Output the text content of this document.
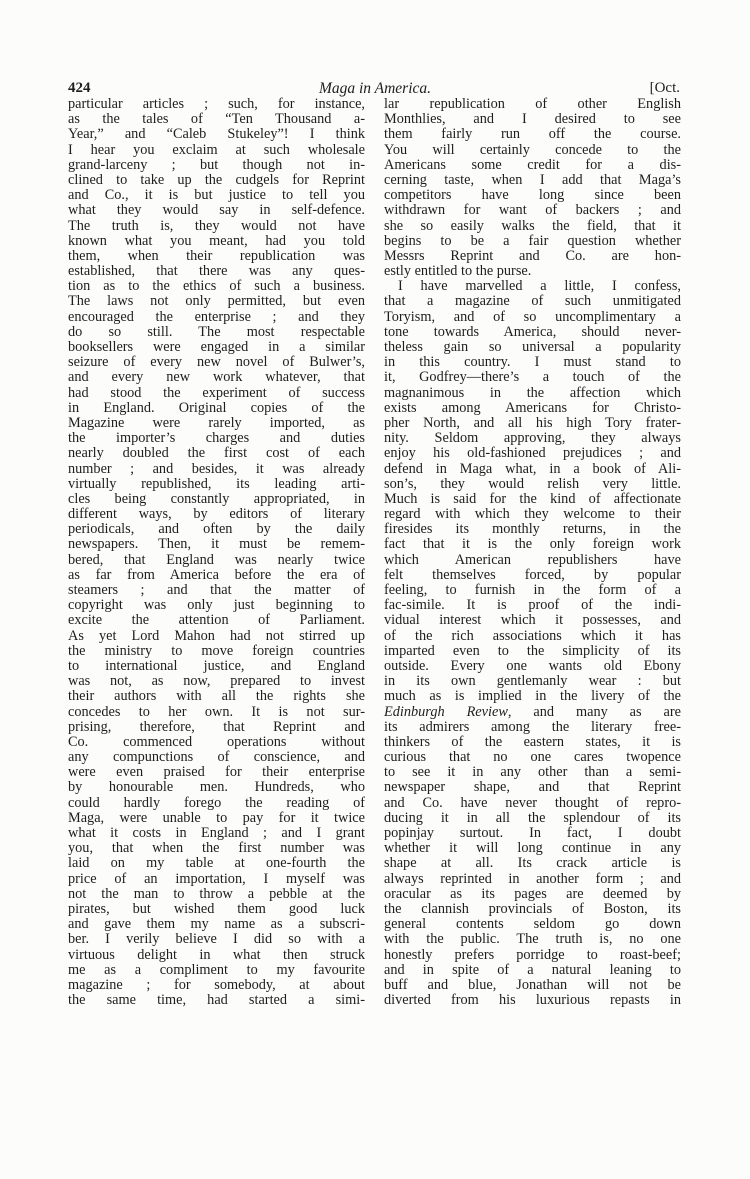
Maga in America.
424	[Oct.
particular articles ; such, for instance,
as the tales of “Ten Thousand a-
Year,” and “Caleb Stukeley”! I think
I hear you exclaim at such wholesale
grand-larceny ; but though not in-
clined to take up the cudgels for Reprint
and Co., it is but justice to tell you
what they would say in self-defence.
The truth is, they would not have
known what you meant, had you told
them, when their republication was
established, that there was any ques-
tion as to the ethics of such a business.
The laws not only permitted, but even
encouraged the enterprise ; and they
do so still. The most respectable
booksellers were engaged in a similar
seizure of every new novel of Bulwer’s,
and every new work whatever, that
had stood the experiment of success
in England. Original copies of the
Magazine were rarely imported, as
the importer’s charges and duties
nearly doubled the first cost of each
number ; and besides, it was already
virtually republished, its leading arti-
cles being constantly appropriated, in
different ways, by editors of literary
periodicals, and often by the daily
newspapers. Then, it must be remem-
bered, that England was nearly twice
as far from America before the era of
steamers ; and that the matter of
copyright was only just beginning to
excite the attention of Parliament.
As yet Lord Mahon had not stirred up
the ministry to move foreign countries
to international justice, and England
was not, as now, prepared to invest
their authors with all the rights she
concedes to her own. It is not sur-
prising, therefore, that Reprint and
Co. commenced operations without
any compunctions of conscience, and
were even praised for their enterprise
by honourable men. Hundreds, who
could hardly forego the reading of
Maga, were unable to pay for it twice
what it costs in England ; and I grant
you, that when the first number was
laid on my table at one-fourth the
price of an importation, I myself was
not the man to throw a pebble at the
pirates, but wished them good luck
and gave them my name as a subscri-
ber. I verily believe I did so with a
virtuous delight in what then struck
me as a compliment to my favourite
magazine ; for somebody, at about
the same time, had started a simi-
lar republication of other English
Monthlies, and I desired to see
them fairly run off the course.
You will certainly concede to the
Americans some credit for a dis-
cerning taste, when I add that Maga’s
competitors have long since been
withdrawn for want of backers ; and
she so easily walks the field, that it
begins to be a fair question whether
Messrs Reprint and Co. are hon-
estly entitled to the purse.
I have marvelled a little, I confess,
that a magazine of such unmitigated
Toryism, and of so uncomplimentary a
tone towards America, should never-
theless gain so universal a popularity
in this country. I must stand to
it, Godfrey—there’s a touch of the
magnanimous in the affection which
exists among Americans for Christo-
pher North, and all his high Tory frater-
nity. Seldom approving, they always
enjoy his old-fashioned prejudices ; and
defend in Maga what, in a book of Ali-
son’s, they would relish very little.
Much is said for the kind of affectionate
regard with which they welcome to their
firesides its monthly returns, in the
fact that it is the only foreign work
which American republishers have
felt themselves forced, by popular
feeling, to furnish in the form of a
fac-simile. It is proof of the indi-
vidual interest which it possesses, and
of the rich associations which it has
imparted even to the simplicity of its
outside. Every one wants old Ebony
in its own gentlemanly wear : but
much as is implied in the livery of the
Edinburgh Review, and many as are
its admirers among the literary free-
thinkers of the eastern states, it is
curious that no one cares twopence
to see it in any other than a semi-
newspaper shape, and that Reprint
and Co. have never thought of repro-
ducing it in all the splendour of its
popinjay surtout. In fact, I doubt
whether it will long continue in any
shape at all. Its crack article is
always reprinted in another form ; and
oracular as its pages are deemed by
the clannish provincials of Boston, its
general contents seldom go down
with the public. The truth is, no one
honestly prefers porridge to roast-beef;
and in spite of a natural leaning to
buff and blue, Jonathan will not be
diverted from his luxurious repasts in
